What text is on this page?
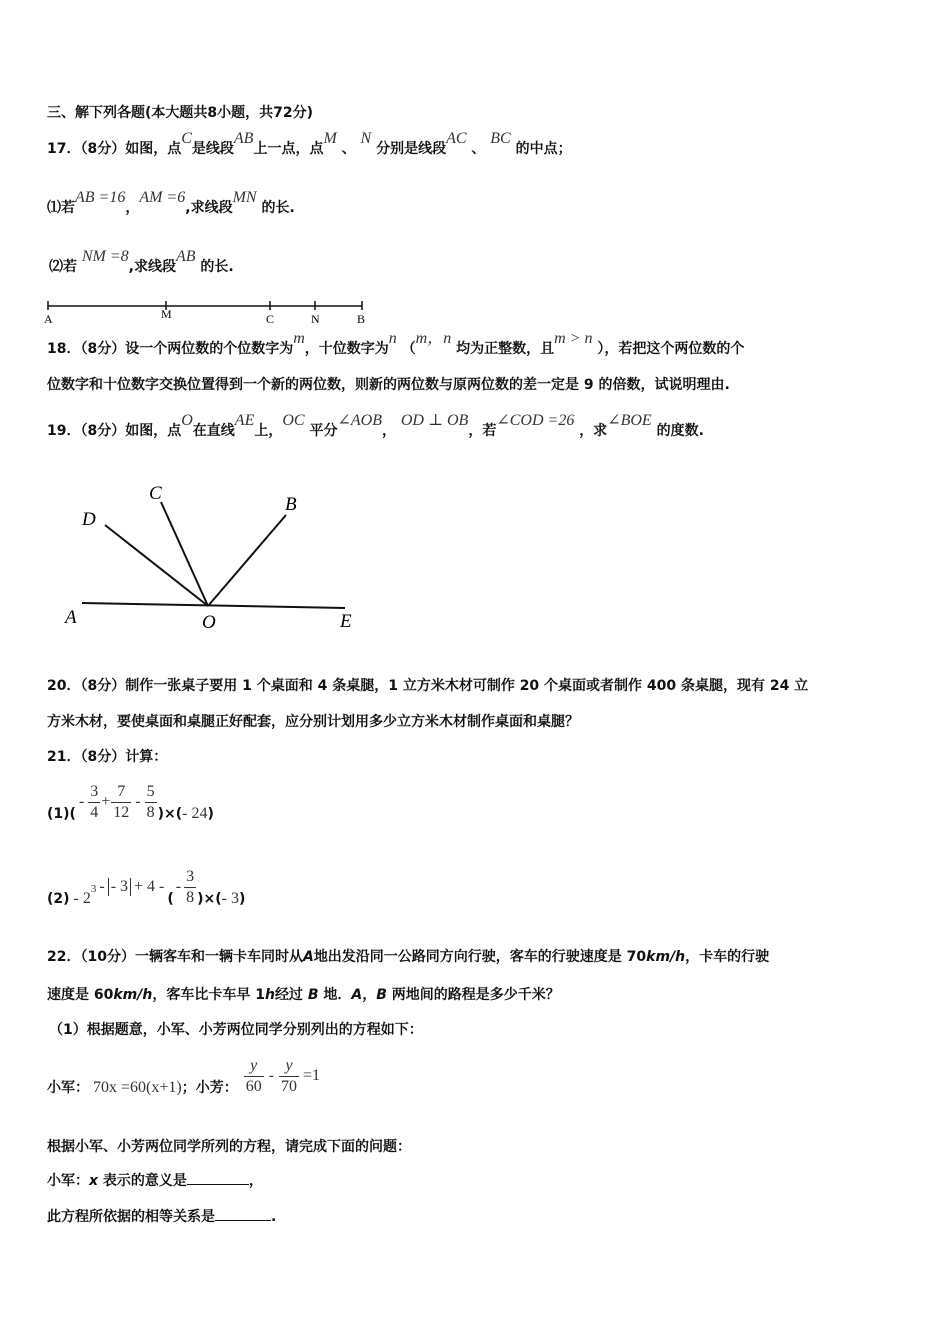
三、解下列各题(本大题共8小题，共72分)
17．（8分）如图，点C是线段AB上一点，点M 、 N 分别是线段AC 、 BC 的中点；
⑴若AB =16，AM =6,求线段MN 的长.
⑵若 NM =8,求线段AB 的长.
A	M	C	N	B
18．（8分）设一个两位数的个位数字为m，十位数字为n （m，n 均为正整数，且m > n ），若把这个两位数的个
位数字和十位数字交换位置得到一个新的两位数，则新的两位数与原两位数的差一定是 9 的倍数，试说明理由.
19．（8分）如图，点O在直线AE上，OC 平分∠AOB， OD ⊥ OB，若∠COD =26 ，求∠BOE 的度数.
A
D
C
B
O	E
20．（8分）制作一张桌子要用 1 个桌面和 4 条桌腿，1 立方米木材可制作 20 个桌面或者制作 400 条桌腿，现有 24 立
方米木材，要使桌面和桌腿正好配套，应分别计划用多少立方米木材制作桌面和桌腿？
21．（8分）计算：
(1)(
- $\frac{3}{4} + \frac{7}{12} - \frac{5}{8}$ )×( - 24 )
(2) - 2
3 - - 3 + 4 -
(
- $\frac{3}{8}$ )×( - 3 )
22．（10分）一辆客车和一辆卡车同时从A地出发沿同一公路同方向行驶，客车的行驶速度是 70km/h，卡车的行驶
速度是 60km/h，客车比卡车早 1h经过 B 地．A，B 两地间的路程是多少千米？
（1）根据题意，小军、小芳两位同学分别列出的方程如下：
小军： 70x =60(x+1) ；小芳： $\frac{y}{60} - \frac{y}{70} =1$
根据小军、小芳两位同学所列的方程，请完成下面的问题：
小军：x 表示的意义是	，
此方程所依据的相等关系是	.
